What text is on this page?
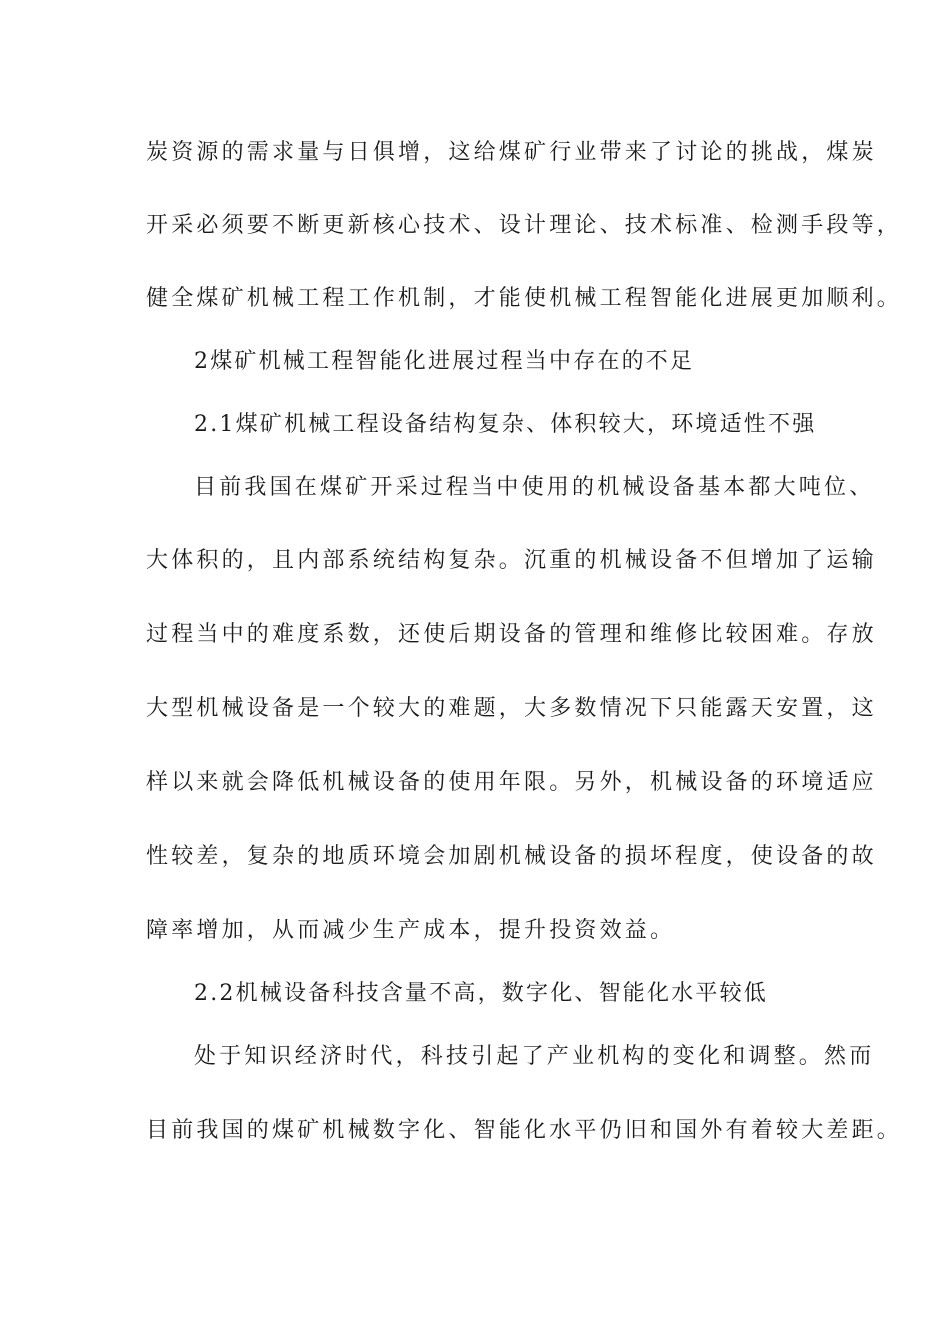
炭资源的需求量与日俱增，这给煤矿行业带来了讨论的挑战，煤炭
开采必须要不断更新核心技术、设计理论、技术标准、检测手段等，
健全煤矿机械工程工作机制，才能使机械工程智能化进展更加顺利。
2煤矿机械工程智能化进展过程当中存在的不足
2.1煤矿机械工程设备结构复杂、体积较大，环境适性不强
目前我国在煤矿开采过程当中使用的机械设备基本都大吨位、
大体积的，且内部系统结构复杂。沉重的机械设备不但增加了运输
过程当中的难度系数，还使后期设备的管理和维修比较困难。存放
大型机械设备是一个较大的难题，大多数情况下只能露天安置，这
样以来就会降低机械设备的使用年限。另外，机械设备的环境适应
性较差，复杂的地质环境会加剧机械设备的损坏程度，使设备的故
障率增加，从而减少生产成本，提升投资效益。
2.2机械设备科技含量不高，数字化、智能化水平较低
处于知识经济时代，科技引起了产业机构的变化和调整。然而
目前我国的煤矿机械数字化、智能化水平仍旧和国外有着较大差距。
